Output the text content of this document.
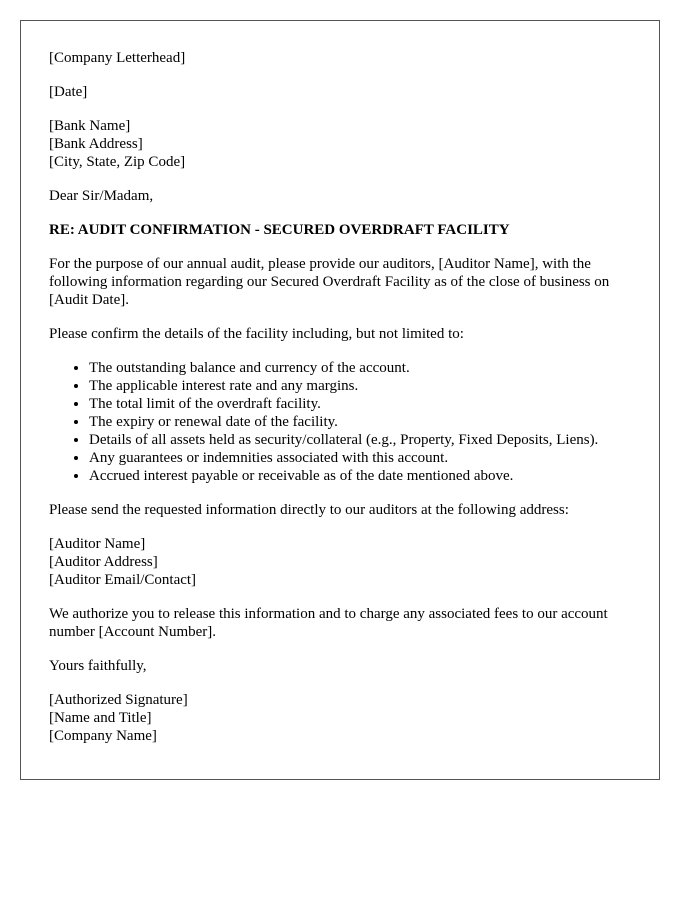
[Company Letterhead]

[Date]

[Bank Name]
[Bank Address]
[City, State, Zip Code]

Dear Sir/Madam,

RE: AUDIT CONFIRMATION - SECURED OVERDRAFT FACILITY

For the purpose of our annual audit, please provide our auditors, [Auditor Name], with the following information regarding our Secured Overdraft Facility as of the close of business on [Audit Date].

Please confirm the details of the facility including, but not limited to:

• The outstanding balance and currency of the account.
• The applicable interest rate and any margins.
• The total limit of the overdraft facility.
• The expiry or renewal date of the facility.
• Details of all assets held as security/collateral (e.g., Property, Fixed Deposits, Liens).
• Any guarantees or indemnities associated with this account.
• Accrued interest payable or receivable as of the date mentioned above.

Please send the requested information directly to our auditors at the following address:

[Auditor Name]
[Auditor Address]
[Auditor Email/Contact]

We authorize you to release this information and to charge any associated fees to our account number [Account Number].

Yours faithfully,

[Authorized Signature]
[Name and Title]
[Company Name]
